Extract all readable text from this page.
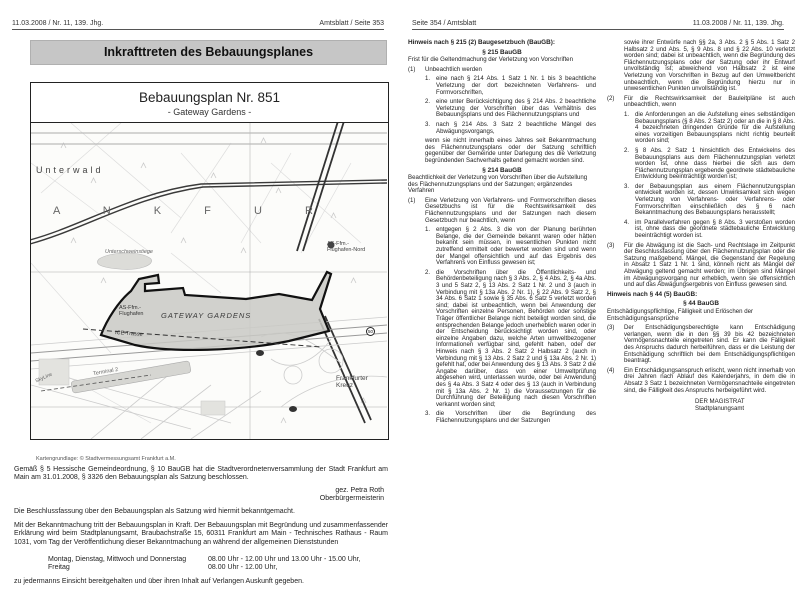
11.03.2008 / Nr. 11, 139. Jhg.	Amtsblatt / Seite 353
Inkrafttreten des Bebauungsplanes
Bebauungsplan Nr. 851
- Gateway Gardens -
Unterwald
A N K F U R
Unterschweinstiege
AS-Ffm.-
Flughafen-Nord
AS-Ffm.-
Flughafen GATEWAY GARDENS
ICE-Trasse
Terminal 2
SkyLine	Frankfurter
Kreuz
50
Kartengrundlage: © Stadtvermessungsamt Frankfurt a.M.
Gemäß § 5 Hessische Gemeindeordnung, § 10 BauGB hat die Stadtverordnetenversammlung der Stadt Frankfurt am Main am 31.01.2008, § 3326 den Bebauungsplan als Satzung beschlossen.
gez. Petra Roth
Oberbürgermeisterin
Die Beschlussfassung über den Bebauungsplan als Satzung wird hiermit bekanntgemacht.
Mit der Bekanntmachung tritt der Bebauungsplan in Kraft. Der Bebauungsplan mit Begründung und zusammenfassender Erklärung wird beim Stadtplanungsamt, Braubachstraße 15, 60311 Frankfurt am Main - Technisches Rathaus - Raum 1031, vom Tag der Veröffentlichung dieser Bekanntmachung an während der allgemeinen Dienststunden
Montag, Dienstag, Mittwoch und Donnerstag	08.00 Uhr - 12.00 Uhr und 13.00 Uhr - 15.00 Uhr,
Freitag	08.00 Uhr - 12.00 Uhr,
zu jedermanns Einsicht bereitgehalten und über ihren Inhalt auf Verlangen Auskunft gegeben.
Seite 354 / Amtsblatt	11.03.2008 / Nr. 11, 139. Jhg.
Hinweis nach § 215 (2) Baugesetzbuch (BauGB):
§ 215 BauGB
Frist für die Geltendmachung der Verletzung von Vorschriften
(1)	Unbeachtlich werden
1. eine nach § 214 Abs. 1 Satz 1 Nr. 1 bis 3 beachtliche Verletzung der dort bezeichneten Verfahrens- und Formvorschriften,
2. eine unter Berücksichtigung des § 214 Abs. 2 beachtliche Verletzung der Vorschriften über das Verhältnis des Bebauungsplans und des Flächennutzungsplans und
3. nach § 214 Abs. 3 Satz 2 beachtliche Mängel des Abwägungsvorgangs,
wenn sie nicht innerhalb eines Jahres seit Bekanntmachung des Flächennutzungsplans oder der Satzung schriftlich gegenüber der Gemeinde unter Darlegung des die Verletzung begründenden Sachverhalts geltend gemacht worden sind.
§ 214 BauGB
Beachtlichkeit der Verletzung von Vorschriften über die Aufstellung des Flächennutzungsplans und der Satzungen; ergänzendes Verfahren
(1)	Eine Verletzung von Verfahrens- und Formvorschriften dieses Gesetzbuchs ist für die Rechtswirksamkeit des Flächennutzungsplans und der Satzungen nach diesem Gesetzbuch nur beachtlich, wenn
1. entgegen § 2 Abs. 3 die von der Planung berührten Belange, die der Gemeinde bekannt waren oder hätten bekannt sein müssen, in wesentlichen Punkten nicht zutreffend ermittelt oder bewertet worden sind und wenn der Mangel offensichtlich und auf das Ergebnis des Verfahrens von Einfluss gewesen ist;
2. die Vorschriften über die Öffentlichkeits- und Behördenbeteiligung nach § 3 Abs. 2, § 4 Abs. 2, § 4a Abs. 3 und 5 Satz 2, § 13 Abs. 2 Satz 1 Nr. 2 und 3 (auch in Verbindung mit § 13a Abs. 2 Nr. 1), § 22 Abs. 9 Satz 2, § 34 Abs. 6 Satz 1 sowie § 35 Abs. 6 Satz 5 verletzt worden sind; dabei ist unbeachtlich, wenn bei Anwendung der Vorschriften einzelne Personen, Behörden oder sonstige Träger öffentlicher Belange nicht beteiligt worden sind, die entsprechenden Belange jedoch unerheblich waren oder in der Entscheidung berücksichtigt worden sind, oder einzelne Angaben dazu, welche Arten umweltbezogener Informationen verfügbar sind, gefehlt haben, oder der Hinweis nach § 3 Abs. 2 Satz 2 Halbsatz 2 (auch in Verbindung mit § 13 Abs. 2 Satz 2 und § 13a Abs. 2 Nr. 1) gefehlt hat, oder bei Anwendung des § 13 Abs. 3 Satz 2 die Angabe darüber, dass von einer Umweltprüfung abgesehen wird, unterlassen wurde, oder bei Anwendung des § 4a Abs. 3 Satz 4 oder des § 13 (auch in Verbindung mit § 13a Abs. 2 Nr. 1) die Voraussetzungen für die Durchführung der Beteiligung nach diesen Vorschriften verkannt worden sind;
3. die Vorschriften über die Begründung des Flächennutzungsplans und der Satzungen
sowie ihrer Entwürfe nach §§ 2a, 3 Abs. 2 § 5 Abs. 1 Satz 2 Halbsatz 2 und Abs. 5, § 9 Abs. 8 und § 22 Abs. 10 verletzt worden sind; dabei ist unbeachtlich, wenn die Begründung des Flächennutzungsplans oder der Satzung oder ihr Entwurf unvollständig ist; abweichend von Halbsatz 2 ist eine Verletzung von Vorschriften in Bezug auf den Umweltbericht unbeachtlich, wenn die Begründung hierzu nur in unwesentlichen Punkten unvollständig ist.
(2)	Für die Rechtswirksamkeit der Bauleitpläne ist auch unbeachtlich, wenn
1. die Anforderungen an die Aufstellung eines selbständigen Bebauungsplans (§ 8 Abs. 2 Satz 2) oder an die in § 8 Abs. 4 bezeichneten dringenden Gründe für die Aufstellung eines vorzeitigen Bebauungsplans nicht richtig beurteilt worden sind;
2. § 8 Abs. 2 Satz 1 hinsichtlich des Entwickelns des Bebauungsplans aus dem Flächennutzungsplan verletzt worden ist, ohne dass hierbei die sich aus dem Flächennutzungsplan ergebende geordnete städtebauliche Entwicklung beeinträchtigt worden ist;
3. der Bebauungsplan aus einem Flächennutzungsplan entwickelt worden ist, dessen Unwirksamkeit sich wegen Verletzung von Verfahrens- oder Verfahrens- oder Formvorschriften einschließlich des § 6 nach Bekanntmachung des Bebauungsplans herausstellt;
4. im Parallelverfahren gegen § 8 Abs. 3 verstoßen worden ist, ohne dass die geordnete städtebauliche Entwicklung beeinträchtigt worden ist.
(3)	Für die Abwägung ist die Sach- und Rechtslage im Zeitpunkt der Beschlussfassung über den Flächennutzungsplan oder die Satzung maßgebend. Mängel, die Gegenstand der Regelung in Absatz 1 Satz 1 Nr. 1 sind, können nicht als Mängel der Abwägung geltend gemacht werden; im Übrigen sind Mängel im Abwägungsvorgang nur erheblich, wenn sie offensichtlich und auf das Abwägungsergebnis von Einfluss gewesen sind.
Hinweis nach § 44 (5) BauGB:
§ 44 BauGB
Entschädigungspflichtige, Fälligkeit und Erlöschen der Entschädigungsansprüche
(3)	Der Entschädigungsberechtigte kann Entschädigung verlangen, wenn die in den §§ 39 bis 42 bezeichneten Vermögensnachteile eingetreten sind. Er kann die Fälligkeit des Anspruchs dadurch herbeiführen, dass er die Leistung der Entschädigung schriftlich bei dem Entschädigungspflichtigen beantragt.
(4)	Ein Entschädigungsanspruch erlischt, wenn nicht innerhalb von drei Jahren nach Ablauf des Kalenderjahrs, in dem die in Absatz 3 Satz 1 bezeichneten Vermögensnachteile eingetreten sind, die Fälligkeit des Anspruchs herbeigeführt wird.
DER MAGISTRAT
Stadtplanungsamt
